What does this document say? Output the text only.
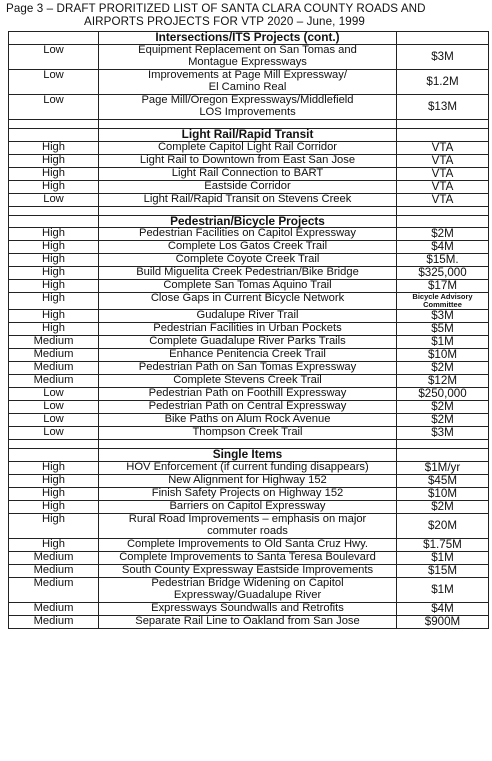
Page 3 – DRAFT PRORITIZED LIST OF SANTA CLARA COUNTY ROADS AND
AIRPORTS PROJECTS FOR VTP 2020 – June, 1999
	Intersections/ITS Projects (cont.)	
Low	Equipment Replacement on San Tomas and
Montague Expressways	$3M
Low	Improvements at Page Mill Expressway/
El Camino Real	$1.2M
Low	Page Mill/Oregon Expressways/Middlefield
LOS Improvements	$13M

	Light Rail/Rapid Transit	
High	Complete Capitol Light Rail Corridor	VTA
High	Light Rail to Downtown from East San Jose	VTA
High	Light Rail Connection to BART	VTA
High	Eastside Corridor	VTA
Low	Light Rail/Rapid Transit on Stevens Creek	VTA

	Pedestrian/Bicycle Projects	
High	Pedestrian Facilities on Capitol Expressway	$2M
High	Complete Los Gatos Creek Trail	$4M
High	Complete Coyote Creek Trail	$15M.
High	Build Miguelita Creek Pedestrian/Bike Bridge	$325,000
High	Complete San Tomas Aquino Trail	$17M
High	Close Gaps in Current Bicycle Network	Bicycle Advisory
Committee
High	Gudalupe River Trail	$3M
High	Pedestrian Facilities in Urban Pockets	$5M
Medium	Complete Guadalupe River Parks Trails	$1M
Medium	Enhance Penitencia Creek Trail	$10M
Medium	Pedestrian Path on San Tomas Expressway	$2M
Medium	Complete Stevens Creek Trail	$12M
Low	Pedestrian Path on Foothill Expressway	$250,000
Low	Pedestrian Path on Central Expressway	$2M
Low	Bike Paths on Alum Rock Avenue	$2M
Low	Thompson Creek Trail	$3M

	Single Items	
High	HOV Enforcement (if current funding disappears)	$1M/yr
High	New Alignment for Highway 152	$45M
High	Finish Safety Projects on Highway 152	$10M
High	Barriers on Capitol Expressway	$2M
High	Rural Road Improvements – emphasis on major
commuter roads	$20M
High	Complete Improvements to Old Santa Cruz Hwy.	$1.75M
Medium	Complete Improvements to Santa Teresa Boulevard	$1M
Medium	South County Expressway Eastside Improvements	$15M
Medium	Pedestrian Bridge Widening on Capitol
Expressway/Guadalupe River	$1M
Medium	Expressways Soundwalls and Retrofits	$4M
Medium	Separate Rail Line to Oakland from San Jose	$900M
